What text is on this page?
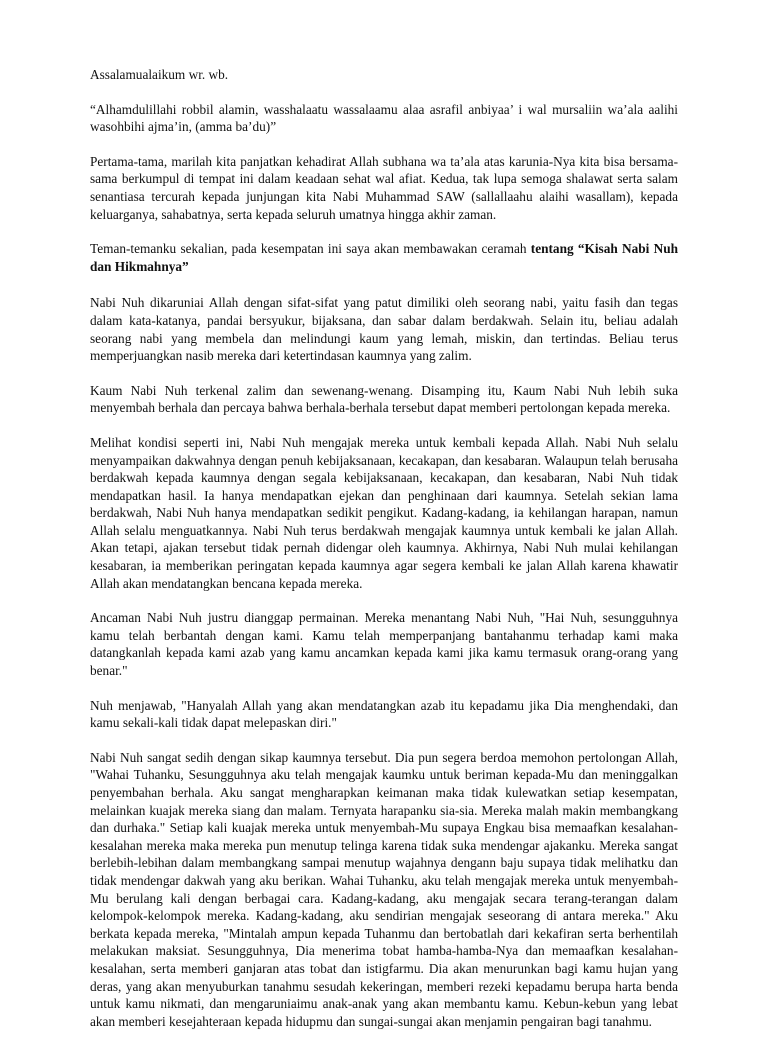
Assalamualaikum wr. wb.

“Alhamdulillahi robbil alamin, wasshalaatu wassalaamu alaa asrafil anbiyaa’ i wal mursaliin wa’ala aalihi wasohbihi ajma’in, (amma ba’du)”

Pertama-tama, marilah kita panjatkan kehadirat Allah subhana wa ta’ala atas karunia-Nya kita bisa bersama-sama berkumpul di tempat ini dalam keadaan sehat wal afiat. Kedua, tak lupa semoga shalawat serta salam senantiasa tercurah kepada junjungan kita Nabi Muhammad SAW (sallallaahu alaihi wasallam), kepada keluarganya, sahabatnya, serta kepada seluruh umatnya hingga akhir zaman.

Teman-temanku sekalian, pada kesempatan ini saya akan membawakan ceramah tentang “Kisah Nabi Nuh dan Hikmahnya”

Nabi Nuh dikaruniai Allah dengan sifat-sifat yang patut dimiliki oleh seorang nabi, yaitu fasih dan tegas dalam kata-katanya, pandai bersyukur, bijaksana, dan sabar dalam berdakwah. Selain itu, beliau adalah seorang nabi yang membela dan melindungi kaum yang lemah, miskin, dan tertindas. Beliau terus memperjuangkan nasib mereka dari ketertindasan kaumnya yang zalim.

Kaum Nabi Nuh terkenal zalim dan sewenang-wenang. Disamping itu, Kaum Nabi Nuh lebih suka menyembah berhala dan percaya bahwa berhala-berhala tersebut dapat memberi pertolongan kepada mereka.

Melihat kondisi seperti ini, Nabi Nuh mengajak mereka untuk kembali kepada Allah. Nabi Nuh selalu menyampaikan dakwahnya dengan penuh kebijaksanaan, kecakapan, dan kesabaran. Walaupun telah berusaha berdakwah kepada kaumnya dengan segala kebijaksanaan, kecakapan, dan kesabaran, Nabi Nuh tidak mendapatkan hasil. Ia hanya mendapatkan ejekan dan penghinaan dari kaumnya. Setelah sekian lama berdakwah, Nabi Nuh hanya mendapatkan sedikit pengikut. Kadang-kadang, ia kehilangan harapan, namun Allah selalu menguatkannya. Nabi Nuh terus berdakwah mengajak kaumnya untuk kembali ke jalan Allah. Akan tetapi, ajakan tersebut tidak pernah didengar oleh kaumnya. Akhirnya, Nabi Nuh mulai kehilangan kesabaran, ia memberikan peringatan kepada kaumnya agar segera kembali ke jalan Allah karena khawatir Allah akan mendatangkan bencana kepada mereka.

Ancaman Nabi Nuh justru dianggap permainan. Mereka menantang Nabi Nuh, "Hai Nuh, sesungguhnya kamu telah berbantah dengan kami. Kamu telah memperpanjang bantahanmu terhadap kami maka datangkanlah kepada kami azab yang kamu ancamkan kepada kami jika kamu termasuk orang-orang yang benar."

Nuh menjawab, "Hanyalah Allah yang akan mendatangkan azab itu kepadamu jika Dia menghendaki, dan kamu sekali-kali tidak dapat melepaskan diri."

Nabi Nuh sangat sedih dengan sikap kaumnya tersebut. Dia pun segera berdoa memohon pertolongan Allah, "Wahai Tuhanku, Sesungguhnya aku telah mengajak kaumku untuk beriman kepada-Mu dan meninggalkan penyembahan berhala. Aku sangat mengharapkan keimanan maka tidak kulewatkan setiap kesempatan, melainkan kuajak mereka siang dan malam. Ternyata harapanku sia-sia. Mereka malah makin membangkang dan durhaka." Setiap kali kuajak mereka untuk menyembah-Mu supaya Engkau bisa memaafkan kesalahan-kesalahan mereka maka mereka pun menutup telinga karena tidak suka mendengar ajakanku. Mereka sangat berlebih-lebihan dalam membangkang sampai menutup wajahnya dengann baju supaya tidak melihatku dan tidak mendengar dakwah yang aku berikan. Wahai Tuhanku, aku telah mengajak mereka untuk menyembah-Mu berulang kali dengan berbagai cara. Kadang-kadang, aku mengajak secara terang-terangan dalam kelompok-kelompok mereka. Kadang-kadang, aku sendirian mengajak seseorang di antara mereka." Aku berkata kepada mereka, "Mintalah ampun kepada Tuhanmu dan bertobatlah dari kekafiran serta berhentilah melakukan maksiat. Sesungguhnya, Dia menerima tobat hamba-hamba-Nya dan memaafkan kesalahan-kesalahan, serta memberi ganjaran atas tobat dan istigfarmu. Dia akan menurunkan bagi kamu hujan yang deras, yang akan menyuburkan tanahmu sesudah kekeringan, memberi rezeki kepadamu berupa harta benda untuk kamu nikmati, dan mengaruniaimu anak-anak yang akan membantu kamu. Kebun-kebun yang lebat akan memberi kesejahteraan kepada hidupmu dan sungai-sungai akan menjamin pengairan bagi tanahmu.
